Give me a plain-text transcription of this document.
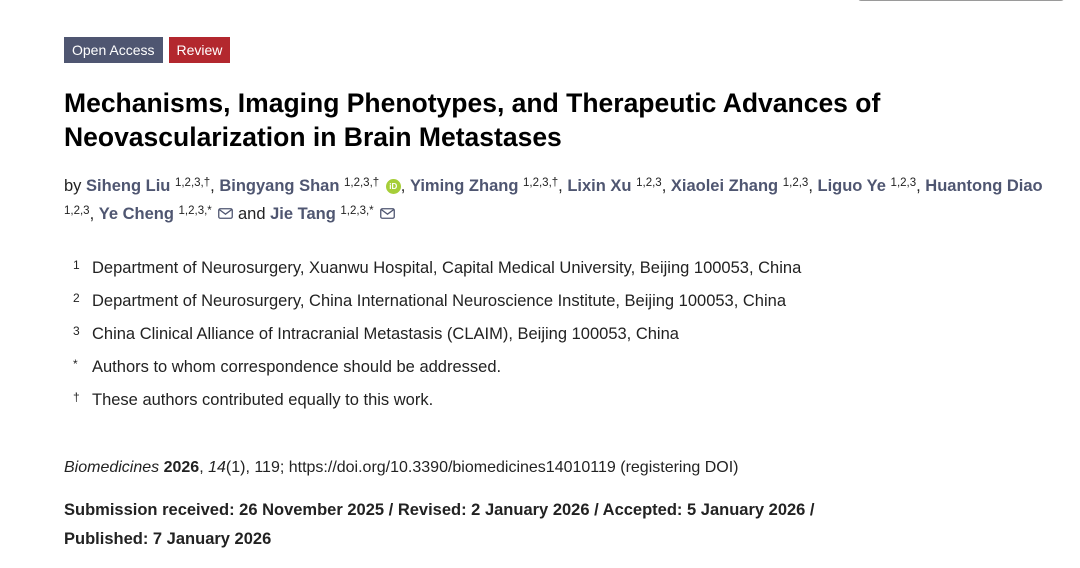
Open Access	Review
Mechanisms, Imaging Phenotypes, and Therapeutic Advances of Neovascularization in Brain Metastases
by Siheng Liu $^{1,2,3,\dagger}$, Bingyang Shan $^{1,2,3,\dagger}$ iD , Yiming Zhang $^{1,2,3,\dagger}$, Lixin Xu $^{1,2,3}$, Xiaolei Zhang $^{1,2,3}$, Liguo Ye $^{1,2,3}$, Huantong Diao $^{1,2,3}$, Ye Cheng $^{1,2,3,*}$ and Jie Tang $^{1,2,3,*}$
1 Department of Neurosurgery, Xuanwu Hospital, Capital Medical University, Beijing 100053, China
2 Department of Neurosurgery, China International Neuroscience Institute, Beijing 100053, China
3 China Clinical Alliance of Intracranial Metastasis (CLAIM), Beijing 100053, China
* Authors to whom correspondence should be addressed.
† These authors contributed equally to this work.
Biomedicines 2026, 14(1), 119; https://doi.org/10.3390/biomedicines14010119 (registering DOI)
Submission received: 26 November 2025 / Revised: 2 January 2026 / Accepted: 5 January 2026 /
Published: 7 January 2026
